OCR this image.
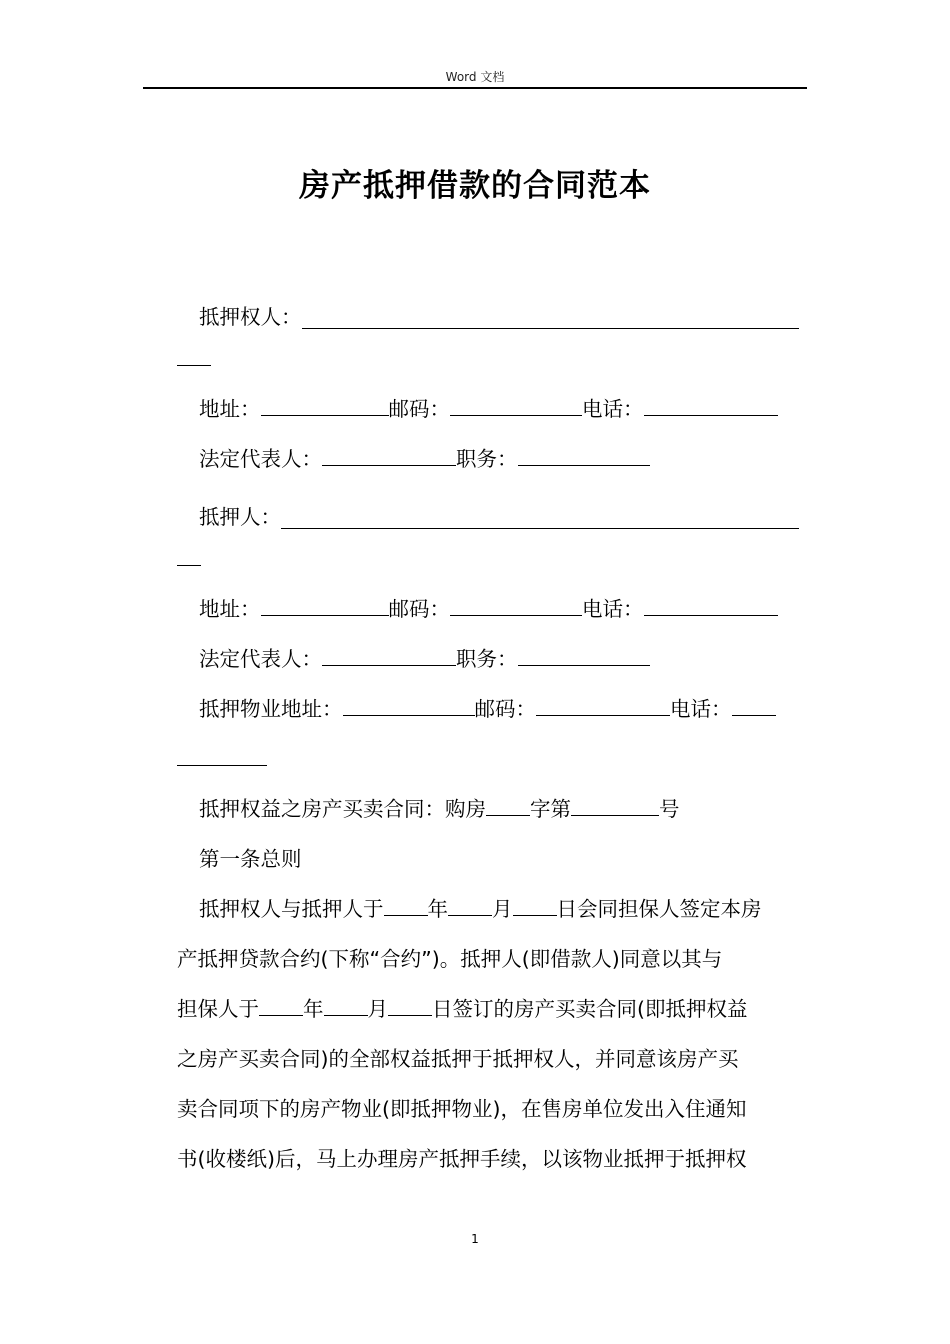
Word 文档
房产抵押借款的合同范本
抵押权人：
地址：	邮码：	电话：
法定代表人：	职务：
抵押人：
地址：	邮码：	电话：
法定代表人：	职务：
抵押物业地址：	邮码：	电话：
抵押权益之房产买卖合同：购房 字第	号
第一条总则
抵押权人与抵押人于 年 月 日会同担保人签定本房
产抵押贷款合约(下称“合约”)。抵押人(即借款人)同意以其与
担保人于 年 月 日签订的房产买卖合同(即抵押权益
之房产买卖合同)的全部权益抵押于抵押权人，并同意该房产买
卖合同项下的房产物业(即抵押物业)，在售房单位发出入住通知
书(收楼纸)后，马上办理房产抵押手续，以该物业抵押于抵押权
1
